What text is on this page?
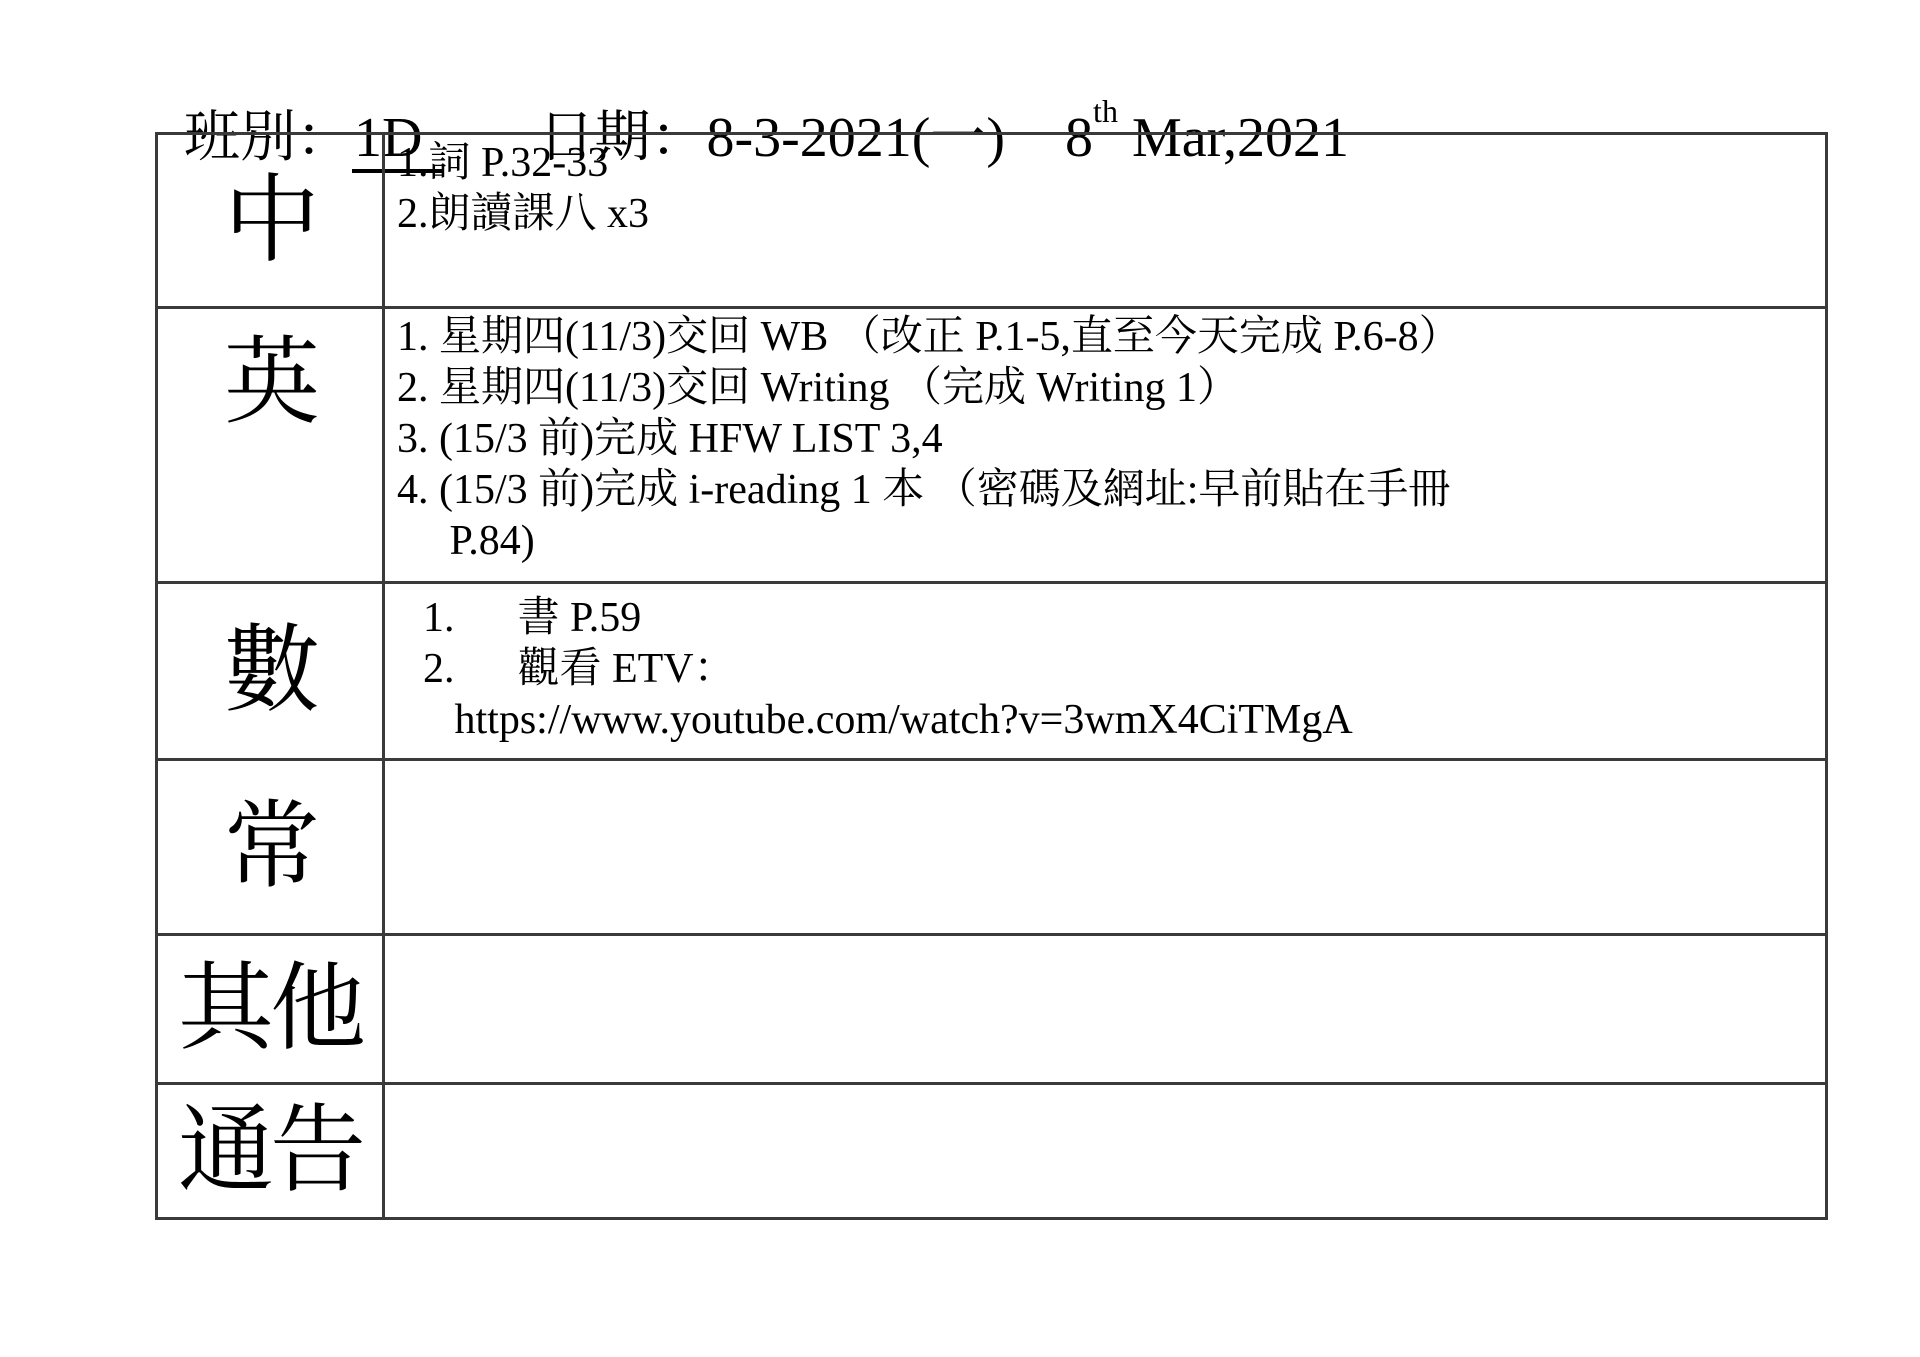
班別：1D 日期：8-3-2021(一) 8th Mar,2021

中	1.詞 P.32-33
2.朗讀課八 x3

英	1. 星期四(11/3)交回 WB （改正 P.1-5,直至今天完成 P.6-8）
2. 星期四(11/3)交回 Writing （完成 Writing 1）
3. (15/3 前)完成 HFW LIST 3,4
4. (15/3 前)完成 i-reading 1 本 （密碼及網址:早前貼在手冊
P.84)

數	1.      書 P.59
2.      觀看 ETV：
https://www.youtube.com/watch?v=3wmX4CiTMgA

常	
其他	
通告	
